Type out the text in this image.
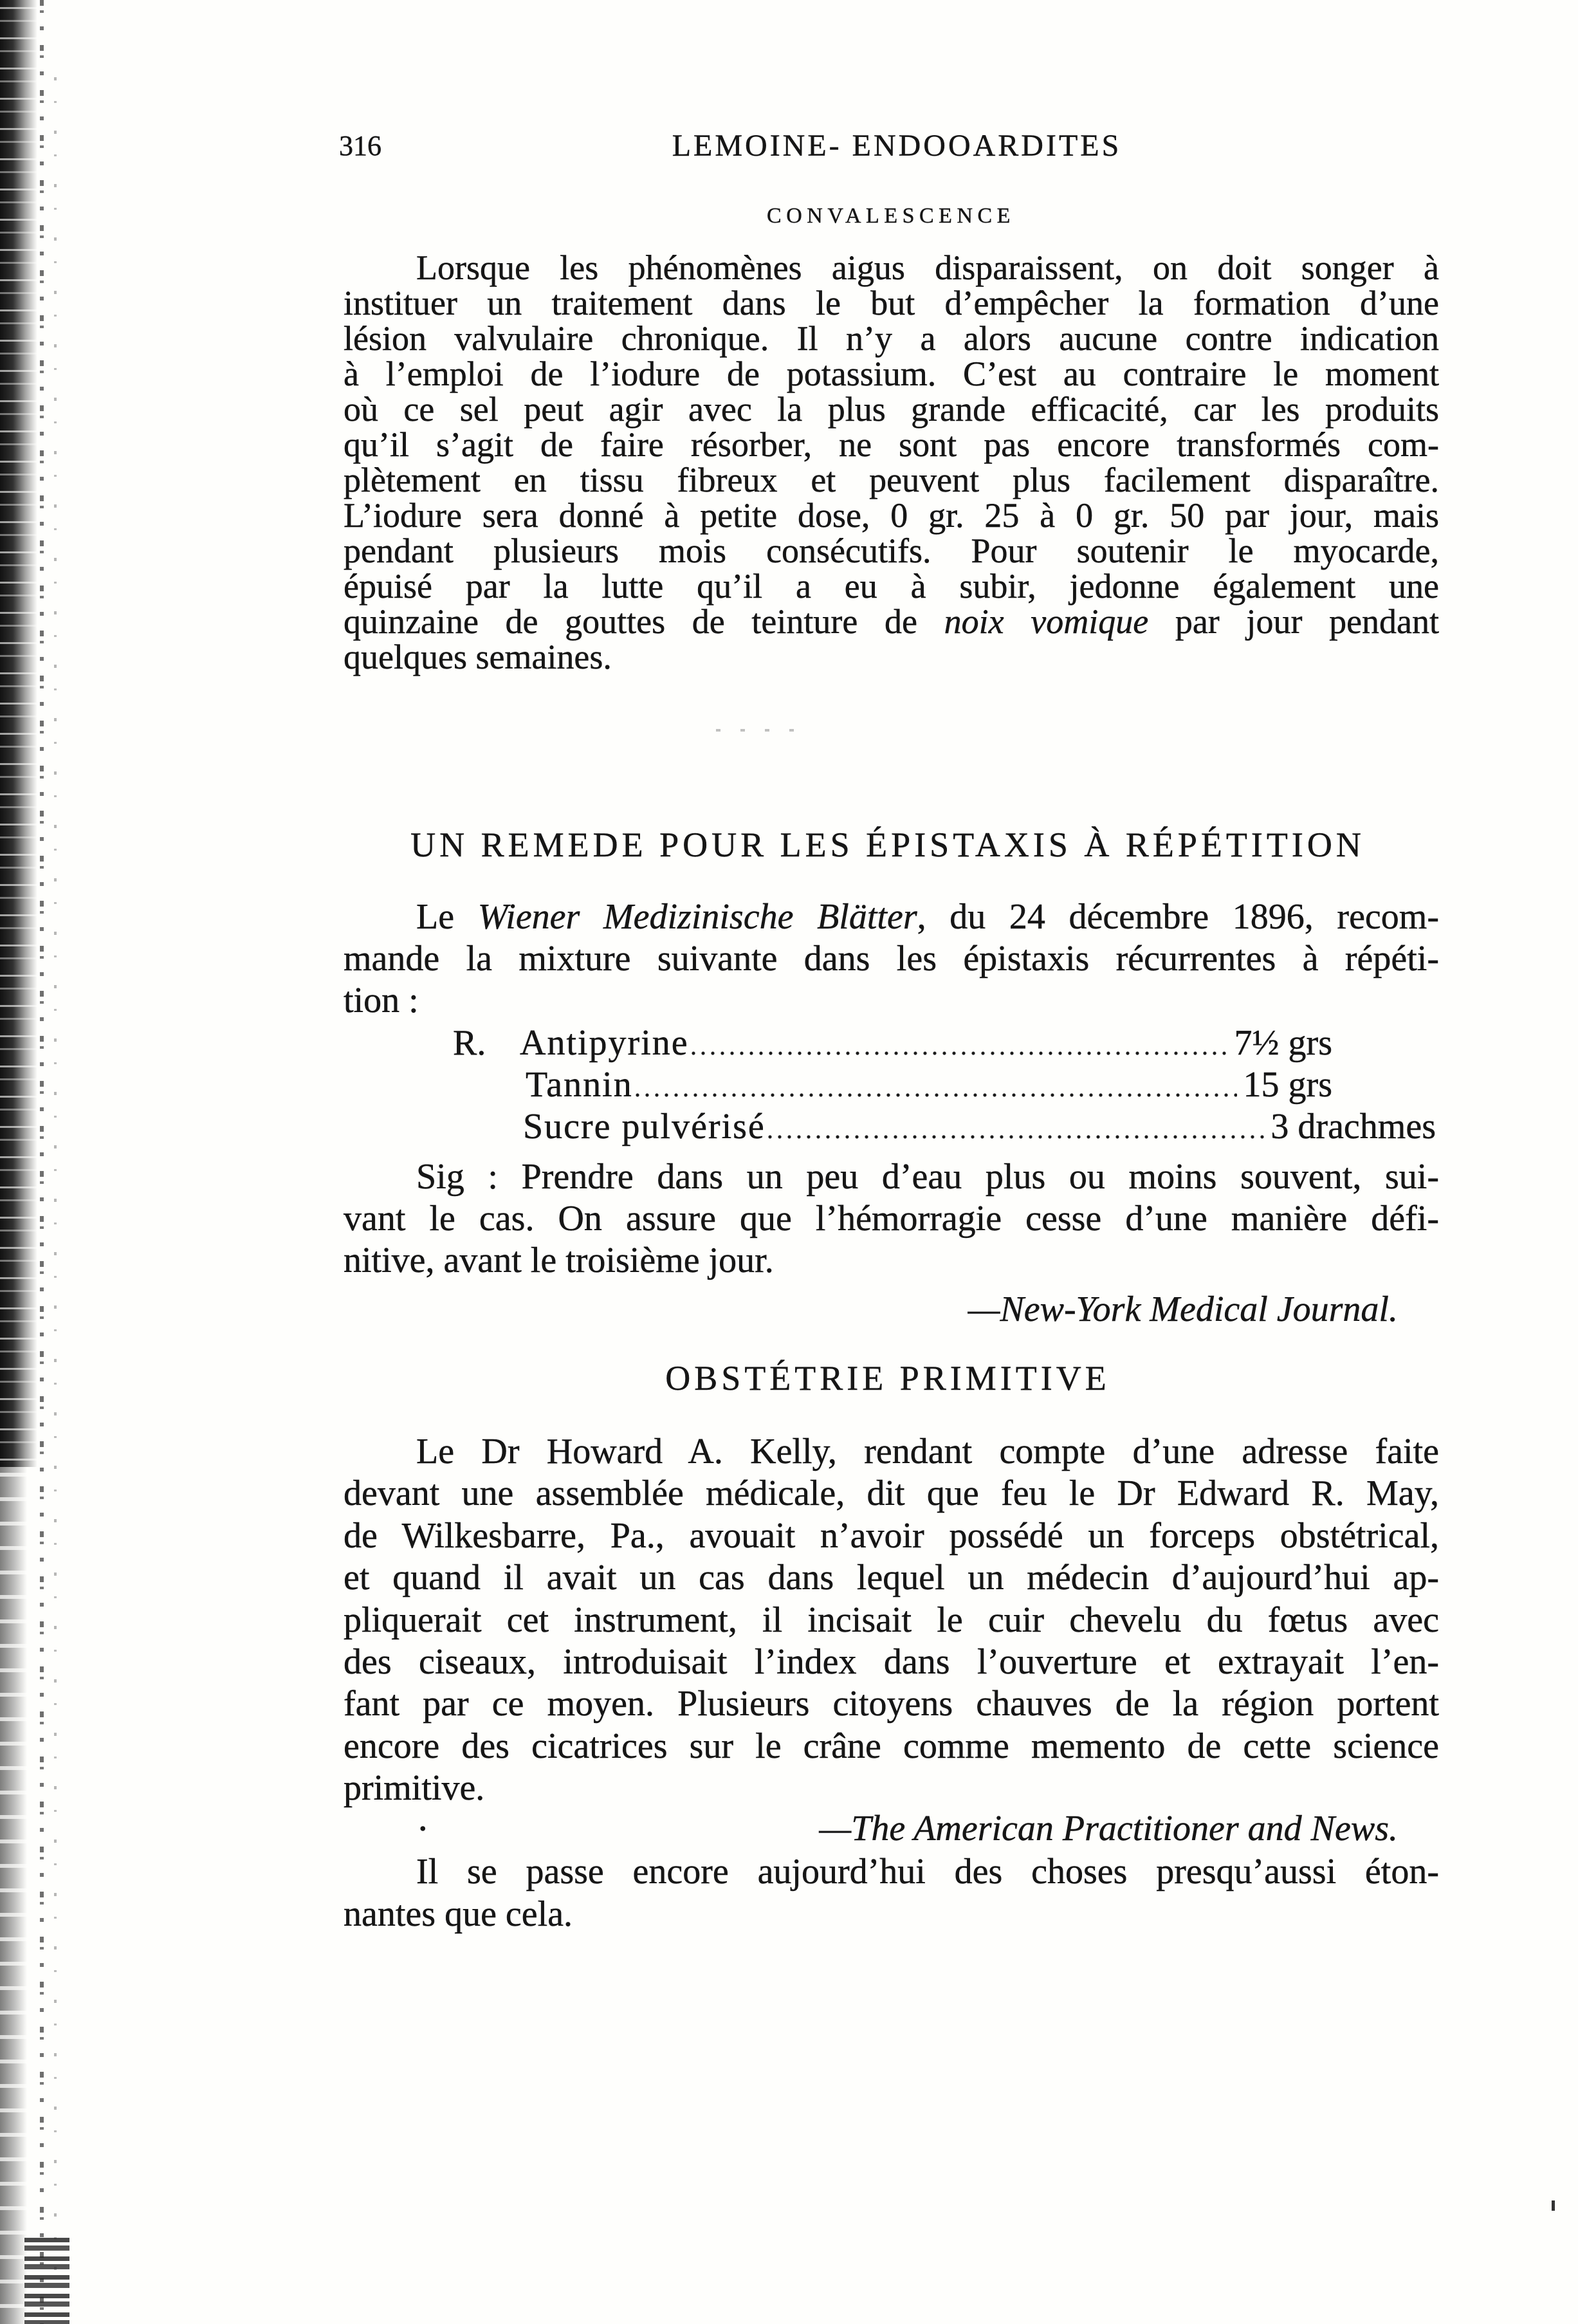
316	LEMOINE- ENDOOARDITES
CONVALESCENCE
Lorsque les phénomènes aigus disparaissent, on doit songer à
instituer un traitement dans le but d’empêcher la formation d’une
lésion valvulaire chronique. Il n’y a alors aucune contre indication
à l’emploi de l’iodure de potassium. C’est au contraire le moment
où ce sel peut agir avec la plus grande efficacité, car les produits
qu’il s’agit de faire résorber, ne sont pas encore transformés com-
plètement en tissu fibreux et peuvent plus facilement disparaître.
L’iodure sera donné à petite dose, 0 gr. 25 à 0 gr. 50 par jour, mais
pendant plusieurs mois consécutifs. Pour soutenir le myocarde,
épuisé par la lutte qu’il a eu à subir, jedonne également une
quinzaine de gouttes de teinture de noix vomique par jour pendant
quelques semaines.
UN REMEDE POUR LES ÉPISTAXIS À RÉPÉTITION
Le Wiener Medizinische Blätter, du 24 décembre 1896, recom-
mande la mixture suivante dans les épistaxis récurrentes à répéti-
tion :
R. Antipyrine	7½ grs
Tannin	15 grs
Sucre pulvérisé	3 drachmes
Sig : Prendre dans un peu d’eau plus ou moins souvent, sui-
vant le cas. On assure que l’hémorragie cesse d’une manière défi-
nitive, avant le troisième jour.
—New-York Medical Journal.
OBSTÉTRIE PRIMITIVE
Le Dr Howard A. Kelly, rendant compte d’une adresse faite
devant une assemblée médicale, dit que feu le Dr Edward R. May,
de Wilkesbarre, Pa., avouait n’avoir possédé un forceps obstétrical,
et quand il avait un cas dans lequel un médecin d’aujourd’hui ap-
pliquerait cet instrument, il incisait le cuir chevelu du fœtus avec
des ciseaux, introduisait l’index dans l’ouverture et extrayait l’en-
fant par ce moyen. Plusieurs citoyens chauves de la région portent
encore des cicatrices sur le crâne comme memento de cette science
primitive.
•	—The American Practitioner and News.
Il se passe encore aujourd’hui des choses presqu’aussi éton-
nantes que cela.
